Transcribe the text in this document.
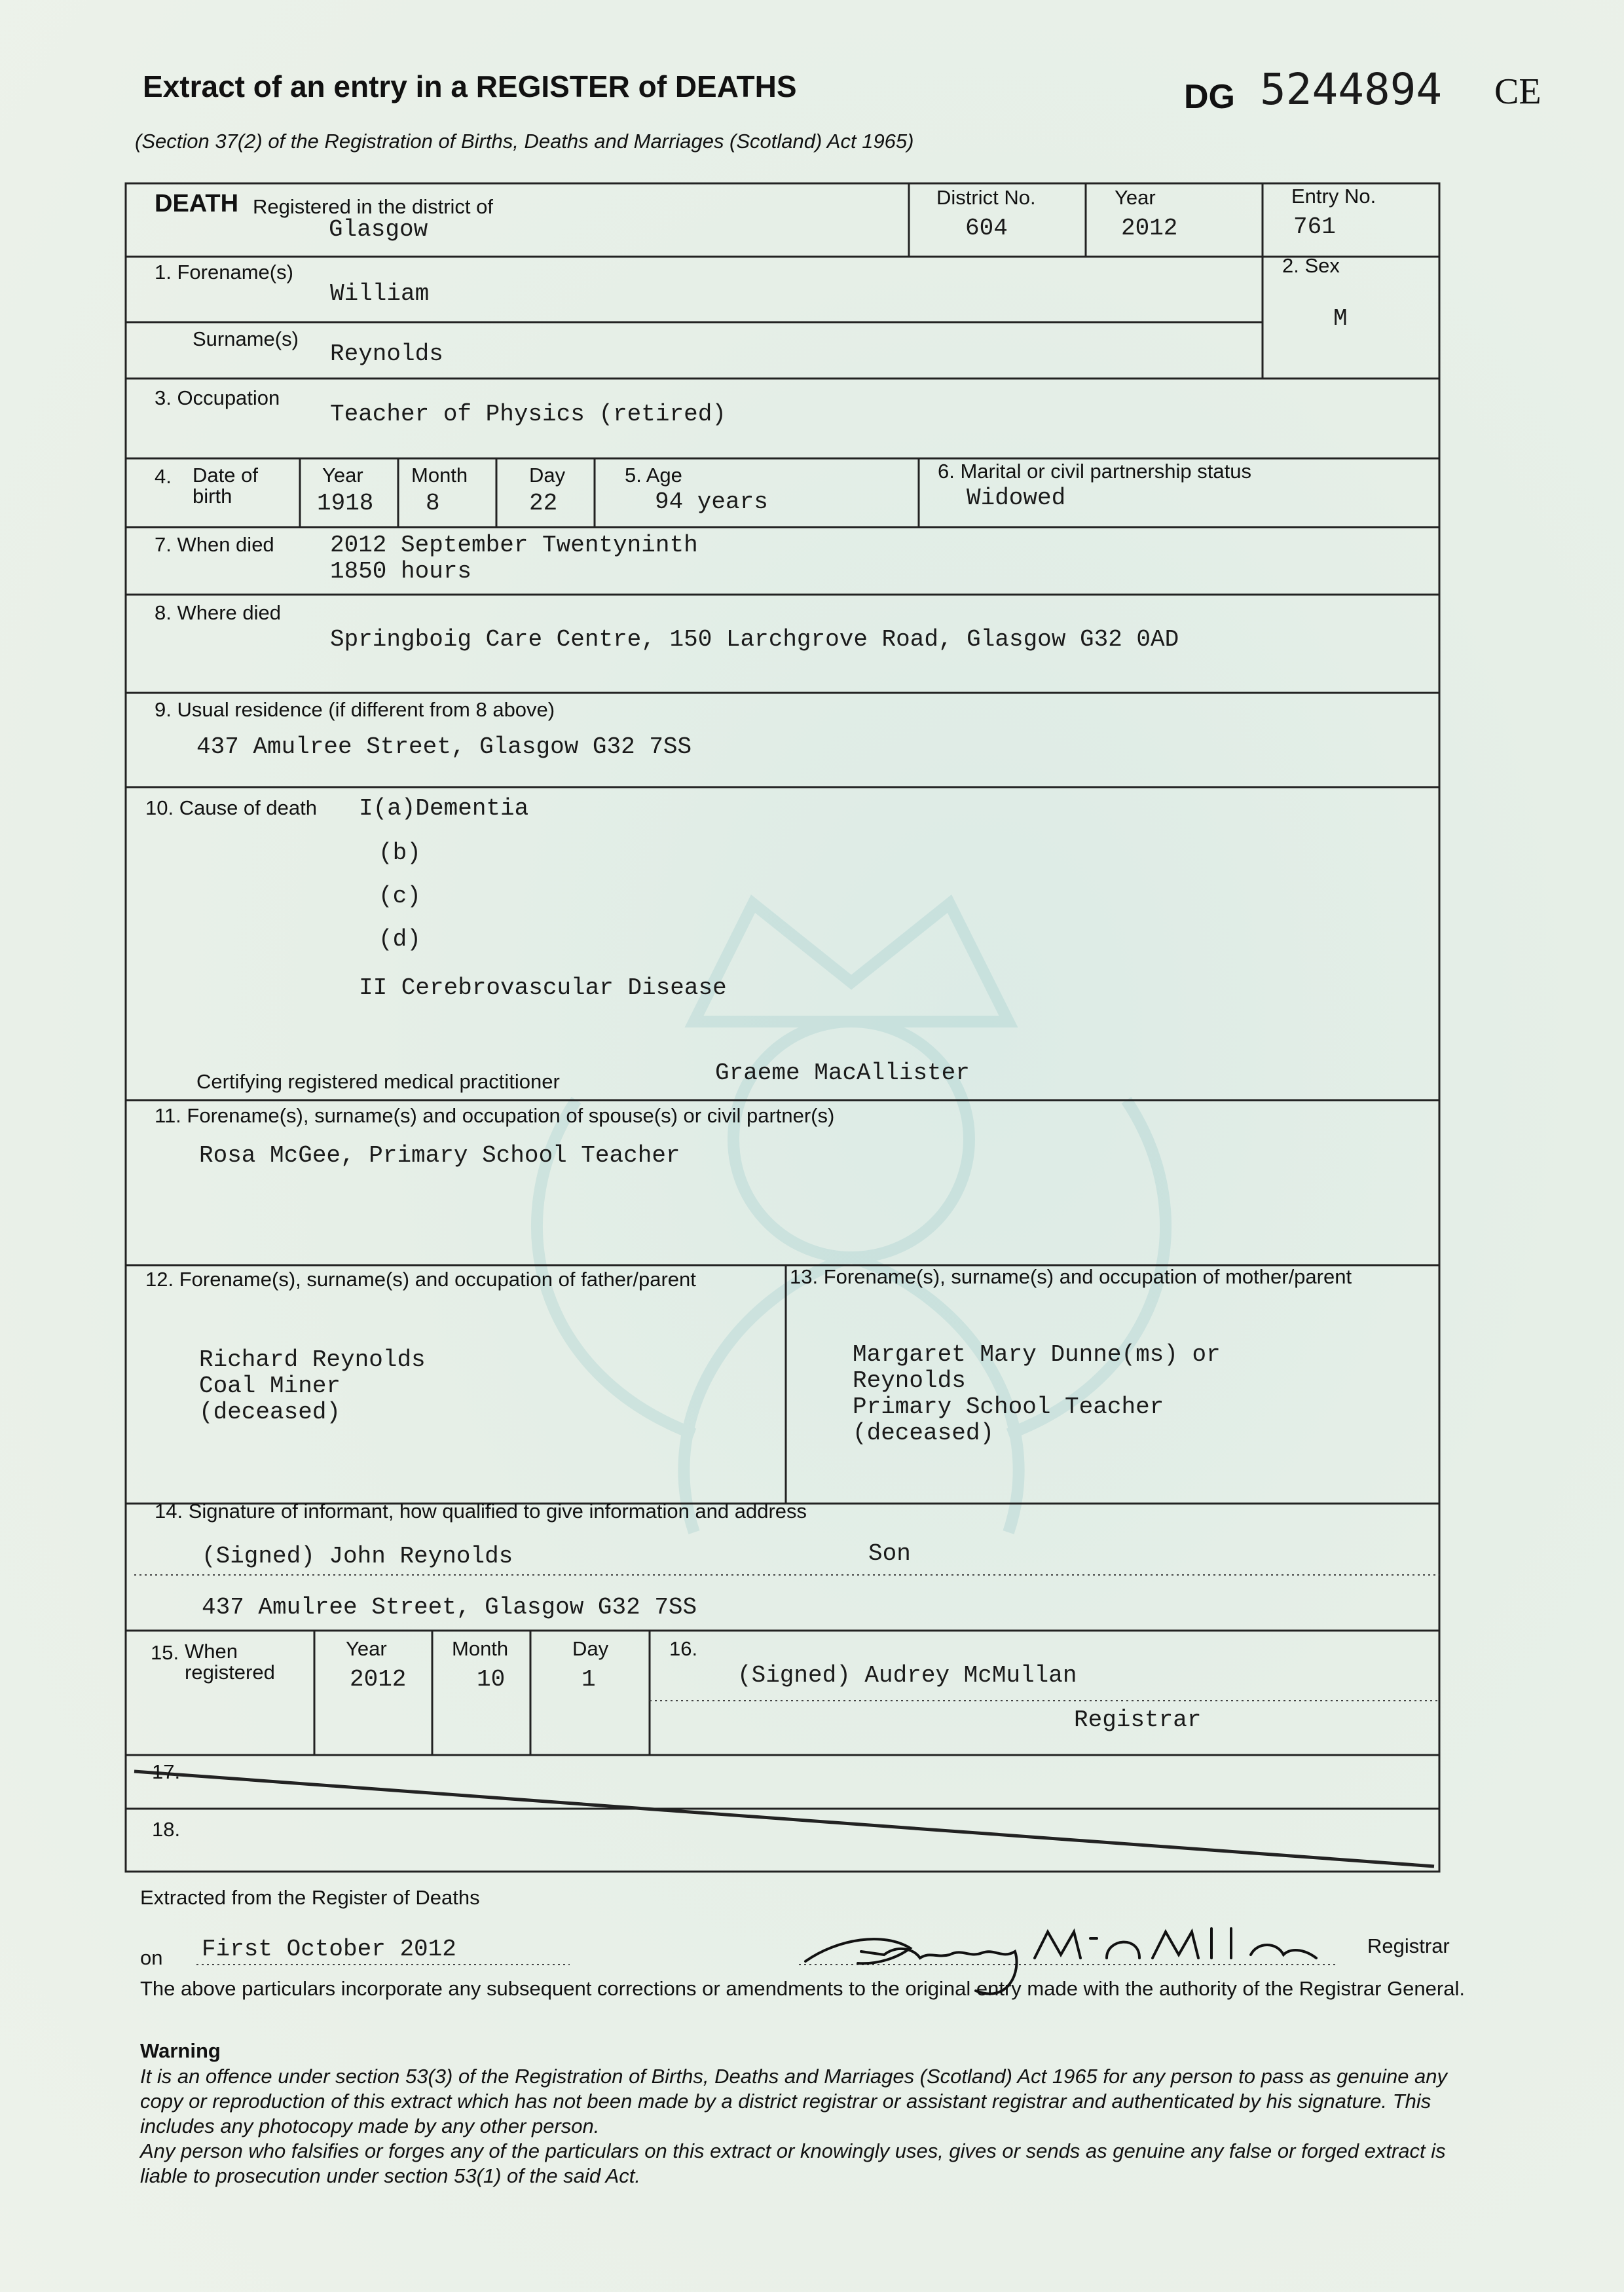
Extract of an entry in a REGISTER of DEATHS	DG 5244894 CE
(Section 37(2) of the Registration of Births, Deaths and Marriages (Scotland) Act 1965)
DEATH Registered in the district of
Glasgow
District No.
604
Year
2012
Entry No.
761
1. Forename(s)
William
2. Sex
M
Surname(s)
Reynolds
3. Occupation
Teacher of Physics (retired)
4. Date of birth
Year
1918
Month
8
Day
22
5. Age
94 years
6. Marital or civil partnership status
Widowed
7. When died 2012 September Twentyninth
1850 hours
8. Where died
Springboig Care Centre, 150 Larchgrove Road, Glasgow G32 0AD
9. Usual residence (if different from 8 above)
437 Amulree Street, Glasgow G32 7SS
10. Cause of death I(a)Dementia
(b)
(c)
(d)
II Cerebrovascular Disease
Certifying registered medical practitioner	Graeme MacAllister
11. Forename(s), surname(s) and occupation of spouse(s) or civil partner(s)
Rosa McGee, Primary School Teacher
12. Forename(s), surname(s) and occupation of father/parent
Richard Reynolds
Coal Miner
(deceased)
13. Forename(s), surname(s) and occupation of mother/parent
Margaret Mary Dunne(ms) or
Reynolds
Primary School Teacher
(deceased)
14. Signature of informant, how qualified to give information and address
(Signed) John Reynolds	Son
437 Amulree Street, Glasgow G32 7SS
15. When registered
Year
2012
Month
10
Day
1
16.
(Signed) Audrey McMullan
Registrar
17.
18.
Extracted from the Register of Deaths
on First October 2012	Registrar
The above particulars incorporate any subsequent corrections or amendments to the original entry made with the authority of the Registrar General.
Warning
It is an offence under section 53(3) of the Registration of Births, Deaths and Marriages (Scotland) Act 1965 for any person to pass as genuine any copy or reproduction of this extract which has not been made by a district registrar or assistant registrar and authenticated by his signature. This includes any photocopy made by any other person.
Any person who falsifies or forges any of the particulars on this extract or knowingly uses, gives or sends as genuine any false or forged extract is liable to prosecution under section 53(1) of the said Act.
